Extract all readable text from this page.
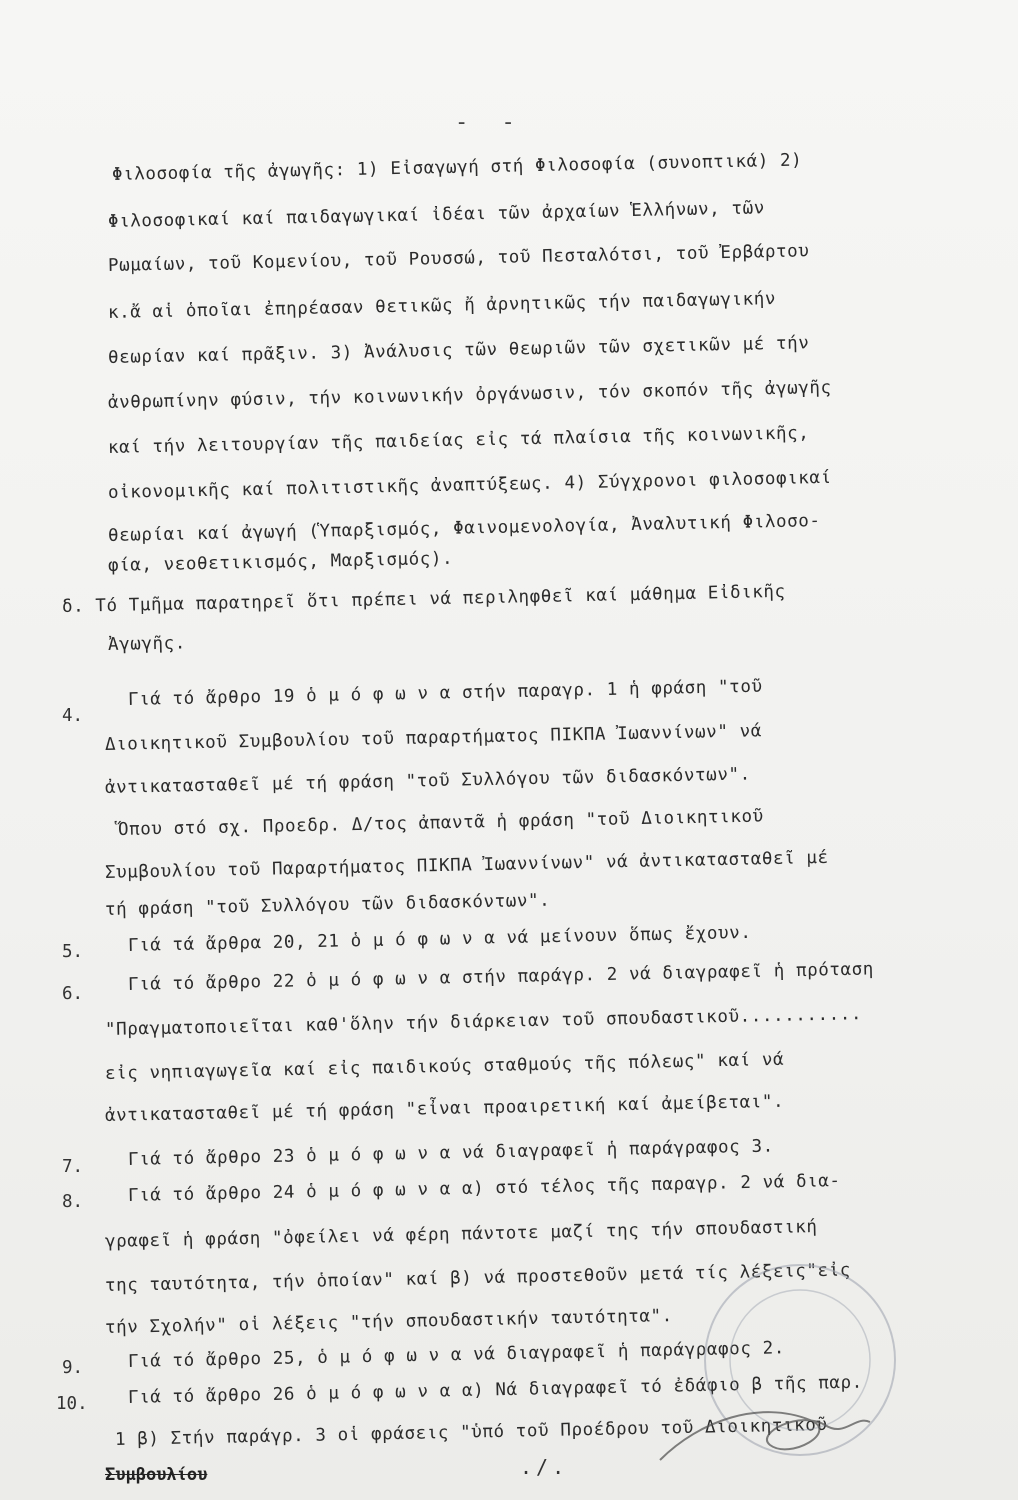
- -
Φιλοσοφία τῆς ἀγωγῆς: 1) Εἰσαγωγή στή Φιλοσοφία (συνοπτικά) 2)
Φιλοσοφικαί καί παιδαγωγικαί ἰδέαι τῶν ἀρχαίων Ἑλλήνων, τῶν
Ρωμαίων, τοῦ Κομενίου, τοῦ Ρουσσώ, τοῦ Πεσταλότσι, τοῦ Ἐρβάρτου
κ.ἄ αἱ ὁποῖαι ἐπηρέασαν θετικῶς ἤ ἀρνητικῶς τήν παιδαγωγικήν
θεωρίαν καί πρᾶξιν. 3) Ἀνάλυσις τῶν θεωριῶν τῶν σχετικῶν μέ τήν
ἀνθρωπίνην φύσιν, τήν κοινωνικήν ὀργάνωσιν, τόν σκοπόν τῆς ἀγωγῆς
καί τήν λειτουργίαν τῆς παιδείας εἰς τά πλαίσια τῆς κοινωνικῆς,
οἰκονομικῆς καί πολιτιστικῆς ἀναπτύξεως. 4) Σύγχρονοι φιλοσοφικαί
θεωρίαι καί ἀγωγή (Ὑπαρξισμός, Φαινομενολογία, Ἀναλυτική Φιλοσο-
φία, νεοθετικισμός, Μαρξισμός).
δ. Τό Τμῆμα παρατηρεῖ ὅτι πρέπει νά περιληφθεῖ καί μάθημα Εἰδικῆς
Ἀγωγῆς.
4.
Γιά τό ἄρθρο 19 ὁ μ ό φ ω ν α στήν παραγρ. 1 ἡ φράση "τοῦ
Διοικητικοῦ Συμβουλίου τοῦ παραρτήματος ΠΙΚΠΑ Ἰωαννίνων" νά
ἀντικατασταθεῖ μέ τή φράση "τοῦ Συλλόγου τῶν διδασκόντων".
Ὅπου στό σχ. Προεδρ. Δ/τος ἀπαντᾶ ἡ φράση "τοῦ Διοικητικοῦ
Συμβουλίου τοῦ Παραρτήματος ΠΙΚΠΑ Ἰωαννίνων" νά ἀντικατασταθεῖ μέ
τή φράση "τοῦ Συλλόγου τῶν διδασκόντων".
5.	Γιά τά ἄρθρα 20, 21 ὁ μ ό φ ω ν α νά μείνουν ὅπως ἔχουν.
6.	Γιά τό ἄρθρο 22 ὁ μ ό φ ω ν α στήν παράγρ. 2 νά διαγραφεῖ ἡ πρόταση
"Πραγματοποιεῖται καθ'ὅλην τήν διάρκειαν τοῦ σπουδαστικοῦ...........
εἰς νηπιαγωγεῖα καί εἰς παιδικούς σταθμούς τῆς πόλεως" καί νά
ἀντικατασταθεῖ μέ τή φράση "εἶναι προαιρετική καί ἀμείβεται".
7.	Γιά τό ἄρθρο 23 ὁ μ ό φ ω ν α νά διαγραφεῖ ἡ παράγραφος 3.
8.	Γιά τό ἄρθρο 24 ὁ μ ό φ ω ν α α) στό τέλος τῆς παραγρ. 2 νά δια-
γραφεῖ ἡ φράση "ὀφείλει νά φέρη πάντοτε μαζί της τήν σπουδαστική
της ταυτότητα, τήν ὁποίαν" καί β) νά προστεθοῦν μετά τίς λέξεις"εἰς
τήν Σχολήν" οἱ λέξεις "τήν σπουδαστικήν ταυτότητα".
9.	Γιά τό ἄρθρο 25, ὁ μ ό φ ω ν α νά διαγραφεῖ ἡ παράγραφος 2.
10. Γιά τό ἄρθρο 26 ὁ μ ό φ ω ν α α) Νά διαγραφεῖ τό ἐδάφιο β τῆς παρ.
1 β) Στήν παράγρ. 3 οἱ φράσεις "ὑπό τοῦ Προέδρου τοῦ Διοικητικοῦ
Συμβουλίου	./.
